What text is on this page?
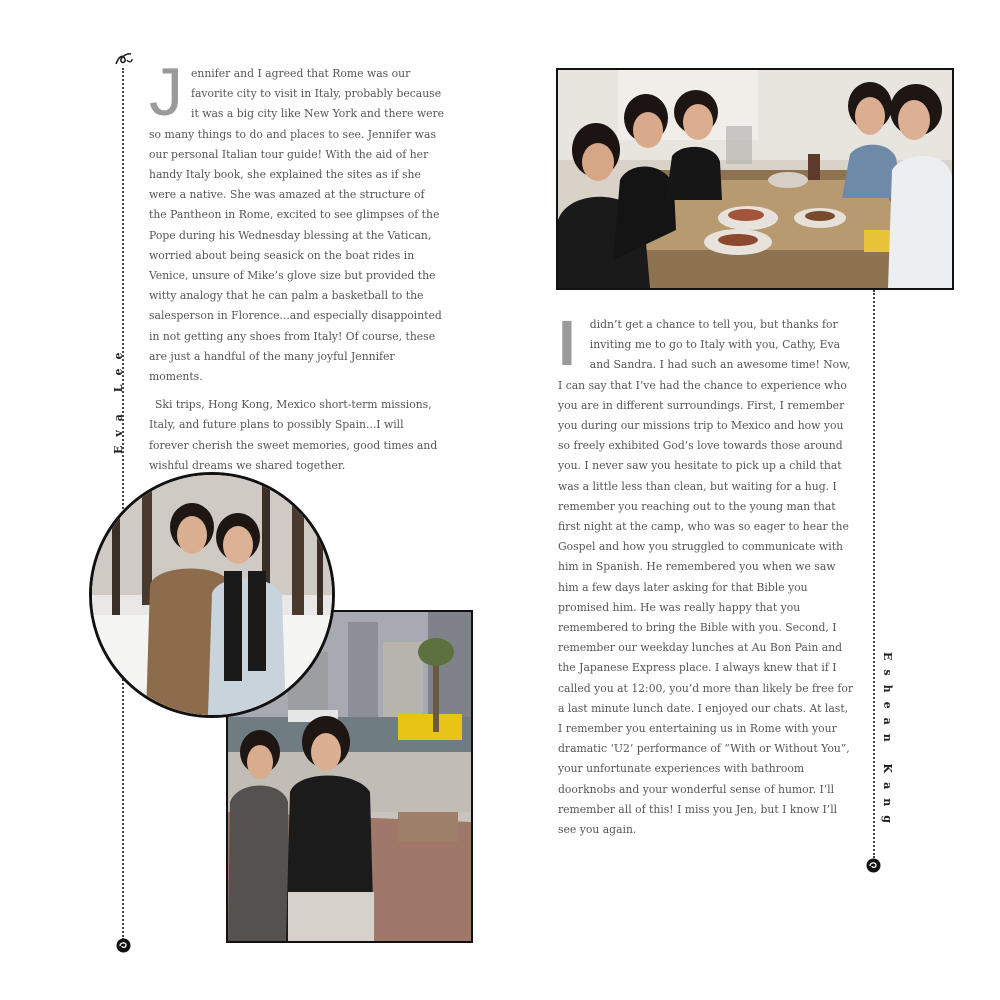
Eva Lee

Jennifer and I agreed that Rome was our favorite city to visit in Italy, probably because it was a big city like New York and there were so many things to do and places to see. Jennifer was our personal Italian tour guide! With the aid of her handy Italy book, she explained the sites as if she were a native. She was amazed at the structure of the Pantheon in Rome, excited to see glimpses of the Pope during his Wednesday blessing at the Vatican, worried about being seasick on the boat rides in Venice, unsure of Mike’s glove size but provided the witty analogy that he can palm a basketball to the salesperson in Florence...and especially disappointed in not getting any shoes from Italy! Of course, these are just a handful of the many joyful Jennifer moments.

Ski trips, Hong Kong, Mexico short-term missions, Italy, and future plans to possibly Spain...I will forever cherish the sweet memories, good times and wishful dreams we shared together.

Eshean Kang

I didn’t get a chance to tell you, but thanks for inviting me to go to Italy with you, Cathy, Eva and Sandra. I had such an awesome time! Now, I can say that I’ve had the chance to experience who you are in different surroundings. First, I remember you during our missions trip to Mexico and how you so freely exhibited God’s love towards those around you. I never saw you hesitate to pick up a child that was a little less than clean, but waiting for a hug. I remember you reaching out to the young man that first night at the camp, who was so eager to hear the Gospel and how you struggled to communicate with him in Spanish. He remembered you when we saw him a few days later asking for that Bible you promised him. He was really happy that you remembered to bring the Bible with you. Second, I remember our weekday lunches at Au Bon Pain and the Japanese Express place. I always knew that if I called you at 12:00, you’d more than likely be free for a last minute lunch date. I enjoyed our chats. At last, I remember you entertaining us in Rome with your dramatic ‘U2’ performance of “With or Without You”, your unfortunate experiences with bathroom doorknobs and your wonderful sense of humor. I’ll remember all of this! I miss you Jen, but I know I’ll see you again.
